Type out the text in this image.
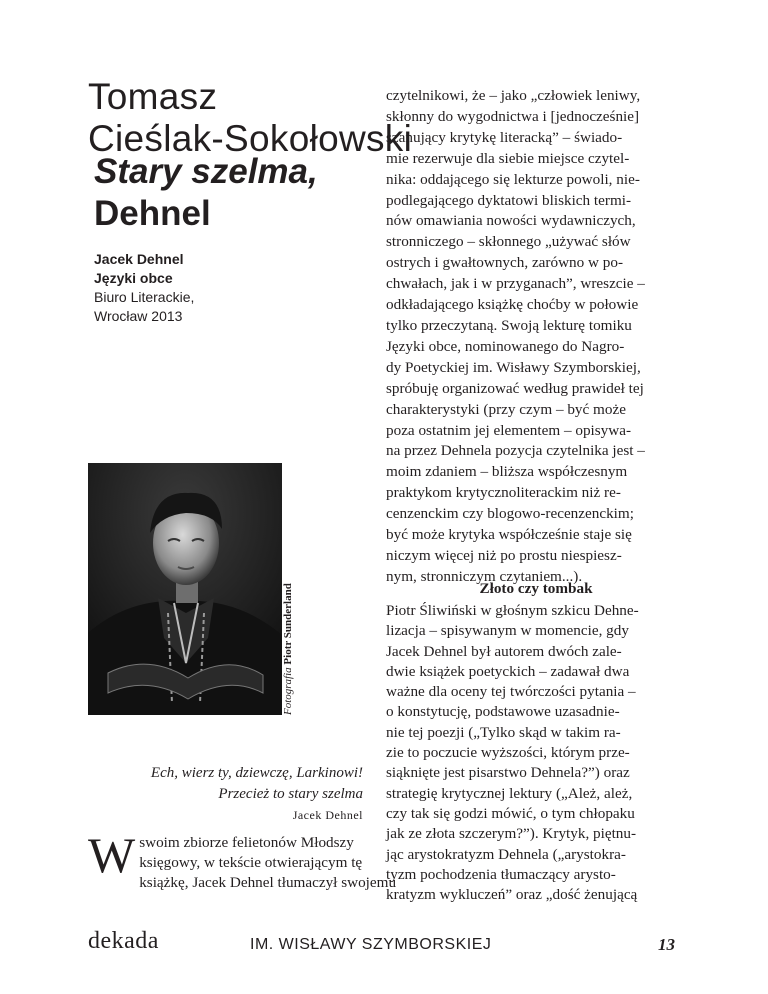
Tomasz
Cieślak-Sokołowski
Stary szelma,
Dehnel
Jacek Dehnel
Języki obce
Biuro Literackie,
Wrocław 2013
Fotografia Piotr Sunderland
Ech, wierz ty, dziewczę, Larkinowi!
Przecież to stary szelma
Jacek Dehnel
W swoim zbiorze felietonów Młodszy
księgowy, w tekście otwierającym tę
książkę, Jacek Dehnel tłumaczył swojemu
czytelnikowi, że – jako „człowiek leniwy,
skłonny do wygodnictwa i [jednocześnie]
szanujący krytykę literacką” – świado-
mie rezerwuje dla siebie miejsce czytel-
nika: oddającego się lekturze powoli, nie-
podlegającego dyktatowi bliskich termi-
nów omawiania nowości wydawniczych,
stronniczego – skłonnego „używać słów
ostrych i gwałtownych, zarówno w po-
chwałach, jak i w przyganach”, wreszcie –
odkładającego książkę choćby w połowie
tylko przeczytaną. Swoją lekturę tomiku
Języki obce, nominowanego do Nagro-
dy Poetyckiej im. Wisławy Szymborskiej,
spróbuję organizować według prawideł tej
charakterystyki (przy czym – być może
poza ostatnim jej elementem – opisywa-
na przez Dehnela pozycja czytelnika jest –
moim zdaniem – bliższa współczesnym
praktykom krytycznoliterackim niż re-
cenzenckim czy blogowo-recenzenckim;
być może krytyka współcześnie staje się
niczym więcej niż po prostu niespiesz-
nym, stronniczym czytaniem...).
Złoto czy tombak
Piotr Śliwiński w głośnym szkicu Dehne-
lizacja – spisywanym w momencie, gdy
Jacek Dehnel był autorem dwóch zale-
dwie książek poetyckich – zadawał dwa
ważne dla oceny tej twórczości pytania –
o konstytucję, podstawowe uzasadnie-
nie tej poezji („Tylko skąd w takim ra-
zie to poczucie wyższości, którym prze-
siąknięte jest pisarstwo Dehnela?”) oraz
strategię krytycznej lektury („Ależ, ależ,
czy tak się godzi mówić, o tym chłopaku
jak ze złota szczerym?”). Krytyk, piętnu-
jąc arystokratyzm Dehnela („arystokra-
tyzm pochodzenia tłumaczący arysto-
kratyzm wykluczeń” oraz „dość żenującą
dekada	IM. WISŁAWY SZYMBORSKIEJ	13
